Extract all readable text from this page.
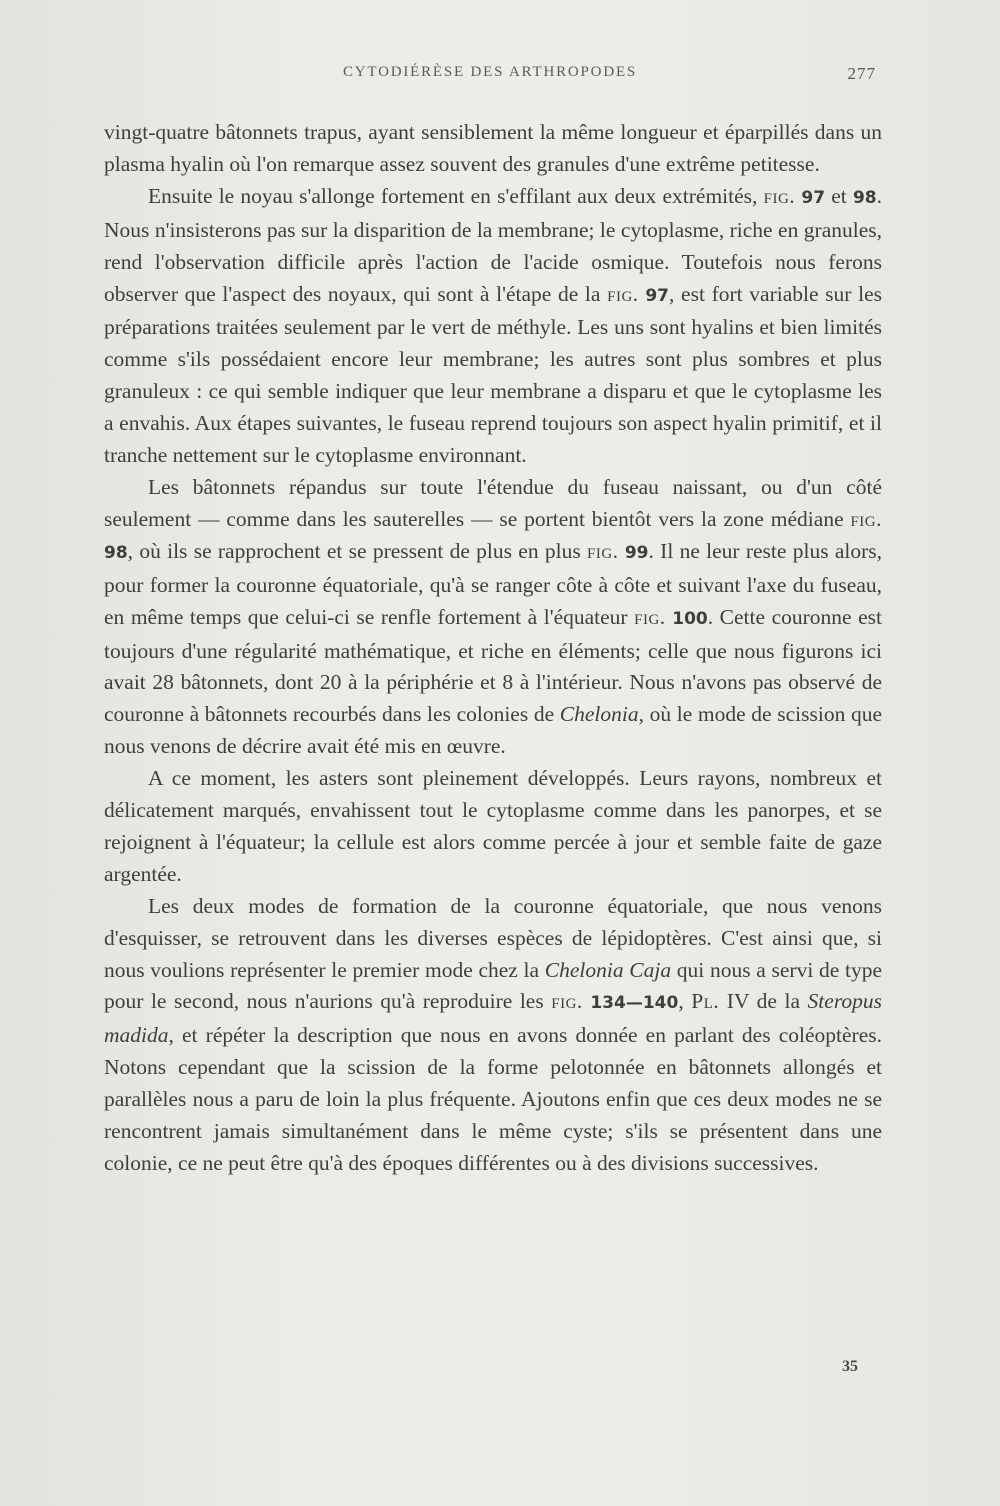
CYTODIÉRÈSE DES ARTHROPODES	277

vingt-quatre bâtonnets trapus, ayant sensiblement la même longueur et éparpillés dans un plasma hyalin où l'on remarque assez souvent des granules d'une extrême petitesse.

Ensuite le noyau s'allonge fortement en s'effilant aux deux extrémités, fig. 97 et 98. Nous n'insisterons pas sur la disparition de la membrane; le cytoplasme, riche en granules, rend l'observation difficile après l'action de l'acide osmique. Toutefois nous ferons observer que l'aspect des noyaux, qui sont à l'étape de la fig. 97, est fort variable sur les préparations traitées seulement par le vert de méthyle. Les uns sont hyalins et bien limités comme s'ils possédaient encore leur membrane; les autres sont plus sombres et plus granuleux : ce qui semble indiquer que leur membrane a disparu et que le cytoplasme les a envahis. Aux étapes suivantes, le fuseau reprend toujours son aspect hyalin primitif, et il tranche nettement sur le cytoplasme environnant.

Les bâtonnets répandus sur toute l'étendue du fuseau naissant, ou d'un côté seulement — comme dans les sauterelles — se portent bientôt vers la zone médiane fig. 98, où ils se rapprochent et se pressent de plus en plus fig. 99. Il ne leur reste plus alors, pour former la couronne équatoriale, qu'à se ranger côte à côte et suivant l'axe du fuseau, en même temps que celui-ci se renfle fortement à l'équateur fig. 100. Cette couronne est toujours d'une régularité mathématique, et riche en éléments; celle que nous figurons ici avait 28 bâtonnets, dont 20 à la périphérie et 8 à l'intérieur. Nous n'avons pas observé de couronne à bâtonnets recourbés dans les colonies de Chelonia, où le mode de scission que nous venons de décrire avait été mis en œuvre.

A ce moment, les asters sont pleinement développés. Leurs rayons, nombreux et délicatement marqués, envahissent tout le cytoplasme comme dans les panorpes, et se rejoignent à l'équateur; la cellule est alors comme percée à jour et semble faite de gaze argentée.

Les deux modes de formation de la couronne équatoriale, que nous venons d'esquisser, se retrouvent dans les diverses espèces de lépidoptères. C'est ainsi que, si nous voulions représenter le premier mode chez la Chelonia Caja qui nous a servi de type pour le second, nous n'aurions qu'à reproduire les fig. 134—140, Pl. IV de la Steropus madida, et répéter la description que nous en avons donnée en parlant des coléoptères. Notons cependant que la scission de la forme pelotonnée en bâtonnets allongés et parallèles nous a paru de loin la plus fréquente. Ajoutons enfin que ces deux modes ne se rencontrent jamais simultanément dans le même cyste; s'ils se présentent dans une colonie, ce ne peut être qu'à des époques différentes ou à des divisions successives.

35
